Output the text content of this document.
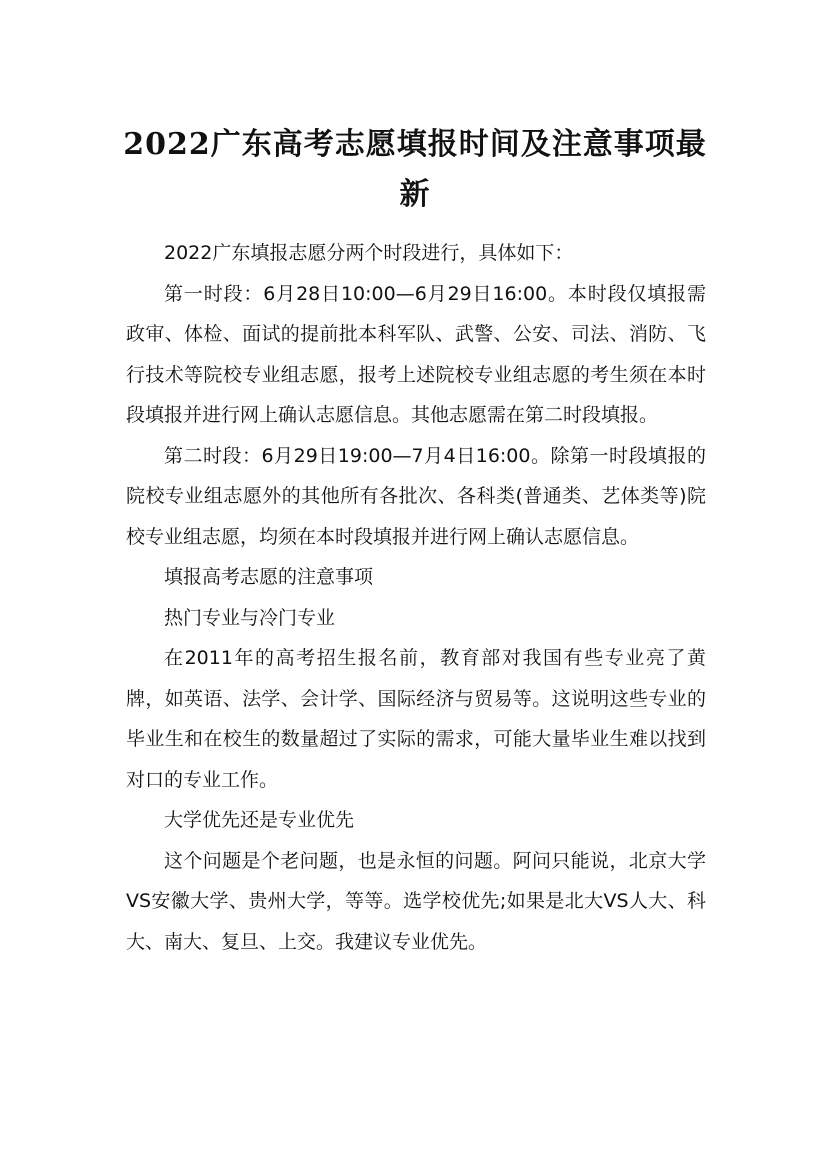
2022广东高考志愿填报时间及注意事项最新

2022广东填报志愿分两个时段进行，具体如下：

第一时段：6月28日10:00—6月29日16:00。本时段仅填报需政审、体检、面试的提前批本科军队、武警、公安、司法、消防、飞行技术等院校专业组志愿，报考上述院校专业组志愿的考生须在本时段填报并进行网上确认志愿信息。其他志愿需在第二时段填报。

第二时段：6月29日19:00—7月4日16:00。除第一时段填报的院校专业组志愿外的其他所有各批次、各科类(普通类、艺体类等)院校专业组志愿，均须在本时段填报并进行网上确认志愿信息。

填报高考志愿的注意事项

热门专业与冷门专业

在2011年的高考招生报名前，教育部对我国有些专业亮了黄牌，如英语、法学、会计学、国际经济与贸易等。这说明这些专业的毕业生和在校生的数量超过了实际的需求，可能大量毕业生难以找到对口的专业工作。

大学优先还是专业优先

这个问题是个老问题，也是永恒的问题。阿问只能说，北京大学VS安徽大学、贵州大学，等等。选学校优先;如果是北大VS人大、科大、南大、复旦、上交。我建议专业优先。
